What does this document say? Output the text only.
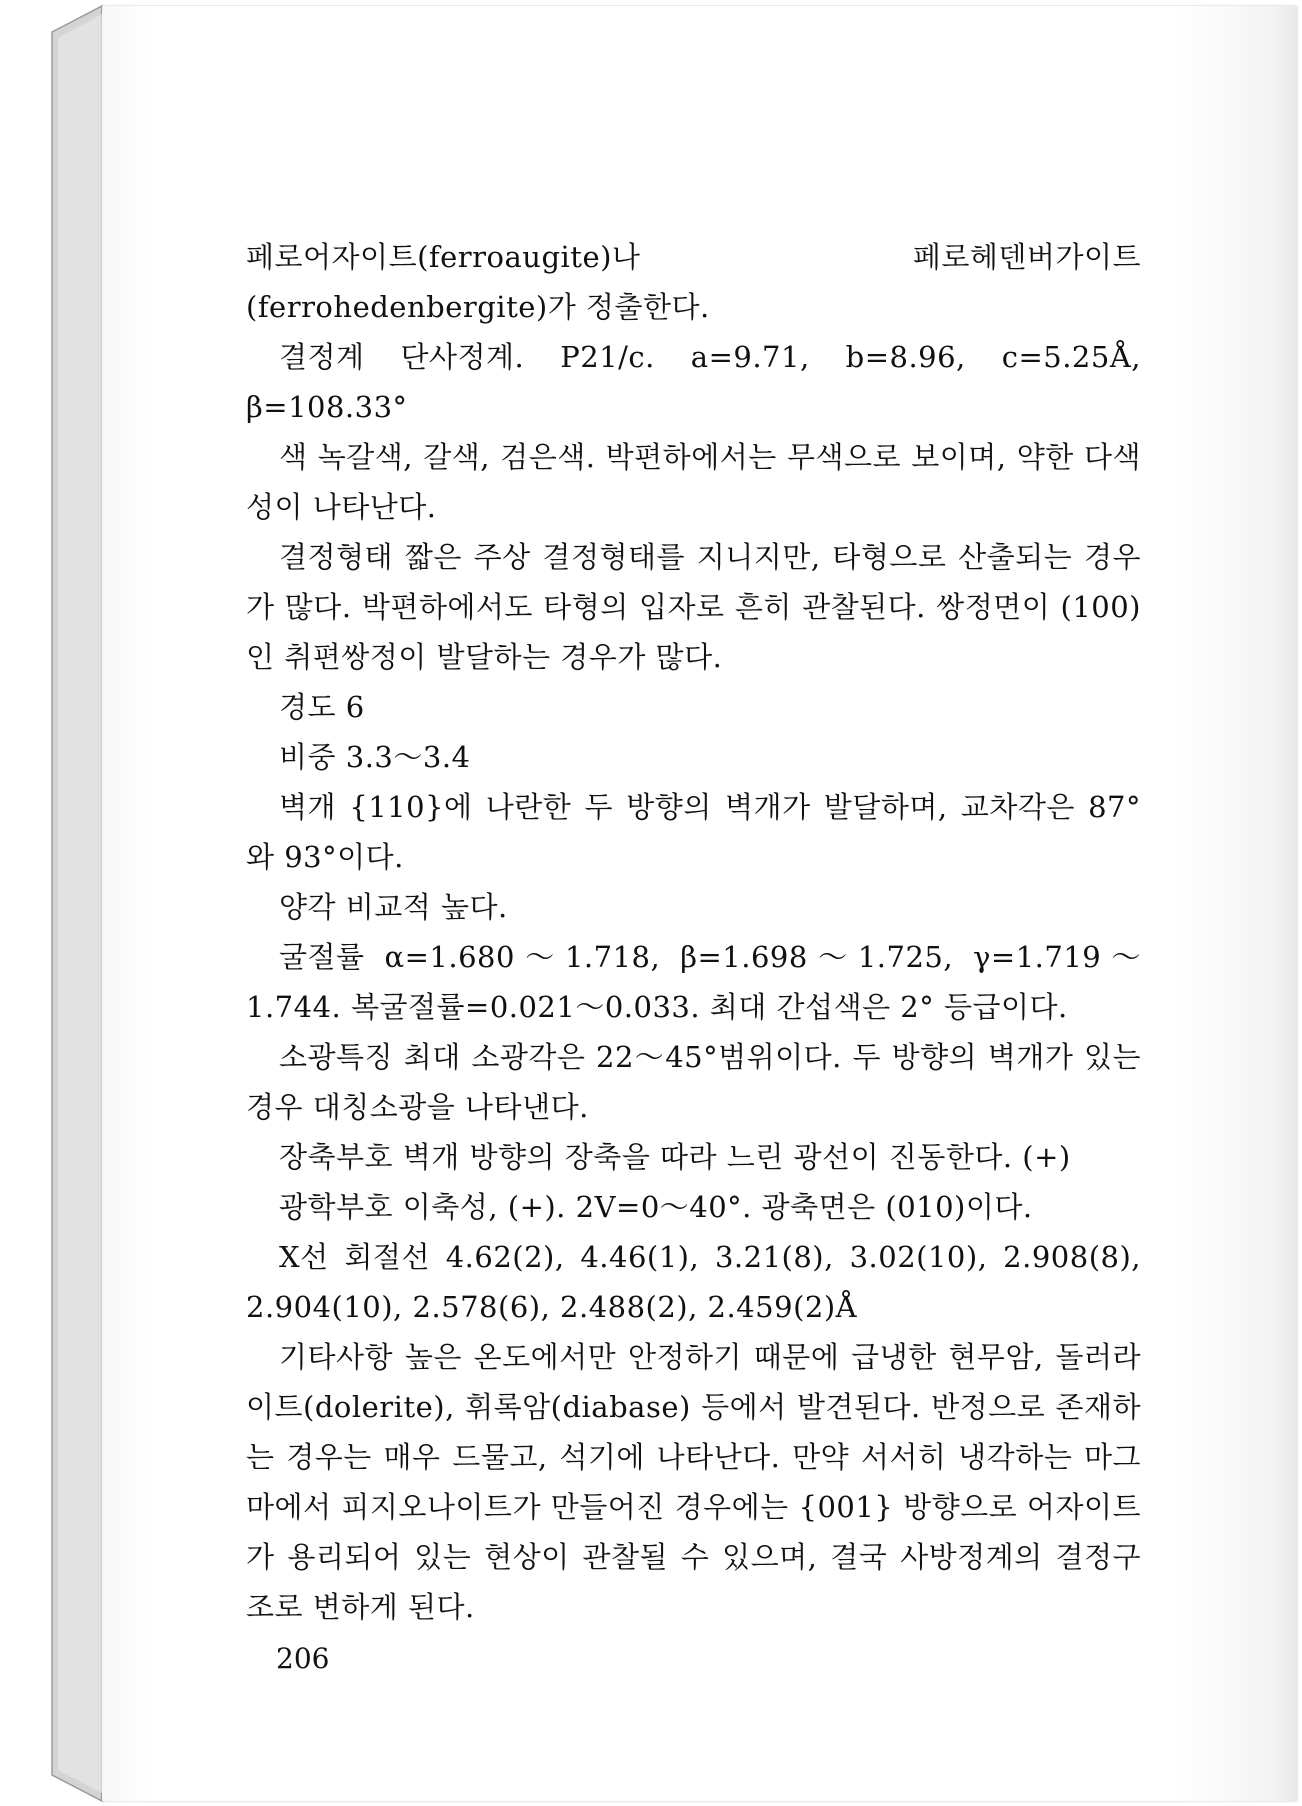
페로어자이트(ferroaugite)나 페로헤덴버가이트(ferrohedenbergite)가 정출한다.

결정계 단사정계. P21/c. a=9.71, b=8.96, c=5.25Å, β=108.33°

색 녹갈색, 갈색, 검은색. 박편하에서는 무색으로 보이며, 약한 다색성이 나타난다.

결정형태 짧은 주상 결정형태를 지니지만, 타형으로 산출되는 경우가 많다. 박편하에서도 타형의 입자로 흔히 관찰된다. 쌍정면이 (100)인 취편쌍정이 발달하는 경우가 많다.

경도 6

비중 3.3～3.4

벽개 {110}에 나란한 두 방향의 벽개가 발달하며, 교차각은 87°와 93°이다.

양각 비교적 높다.

굴절률 α=1.680～1.718, β=1.698～1.725, γ=1.719～1.744. 복굴절률=0.021～0.033. 최대 간섭색은 2° 등급이다.

소광특징 최대 소광각은 22～45°범위이다. 두 방향의 벽개가 있는 경우 대칭소광을 나타낸다.

장축부호 벽개 방향의 장축을 따라 느린 광선이 진동한다. (+)

광학부호 이축성, (+). 2V=0～40°. 광축면은 (010)이다.

X선 회절선 4.62(2), 4.46(1), 3.21(8), 3.02(10), 2.908(8), 2.904(10), 2.578(6), 2.488(2), 2.459(2)Å

기타사항 높은 온도에서만 안정하기 때문에 급냉한 현무암, 돌러라이트(dolerite), 휘록암(diabase) 등에서 발견된다. 반정으로 존재하는 경우는 매우 드물고, 석기에 나타난다. 만약 서서히 냉각하는 마그마에서 피지오나이트가 만들어진 경우에는 {001} 방향으로 어자이트가 용리되어 있는 현상이 관찰될 수 있으며, 결국 사방정계의 결정구조로 변하게 된다.

206
